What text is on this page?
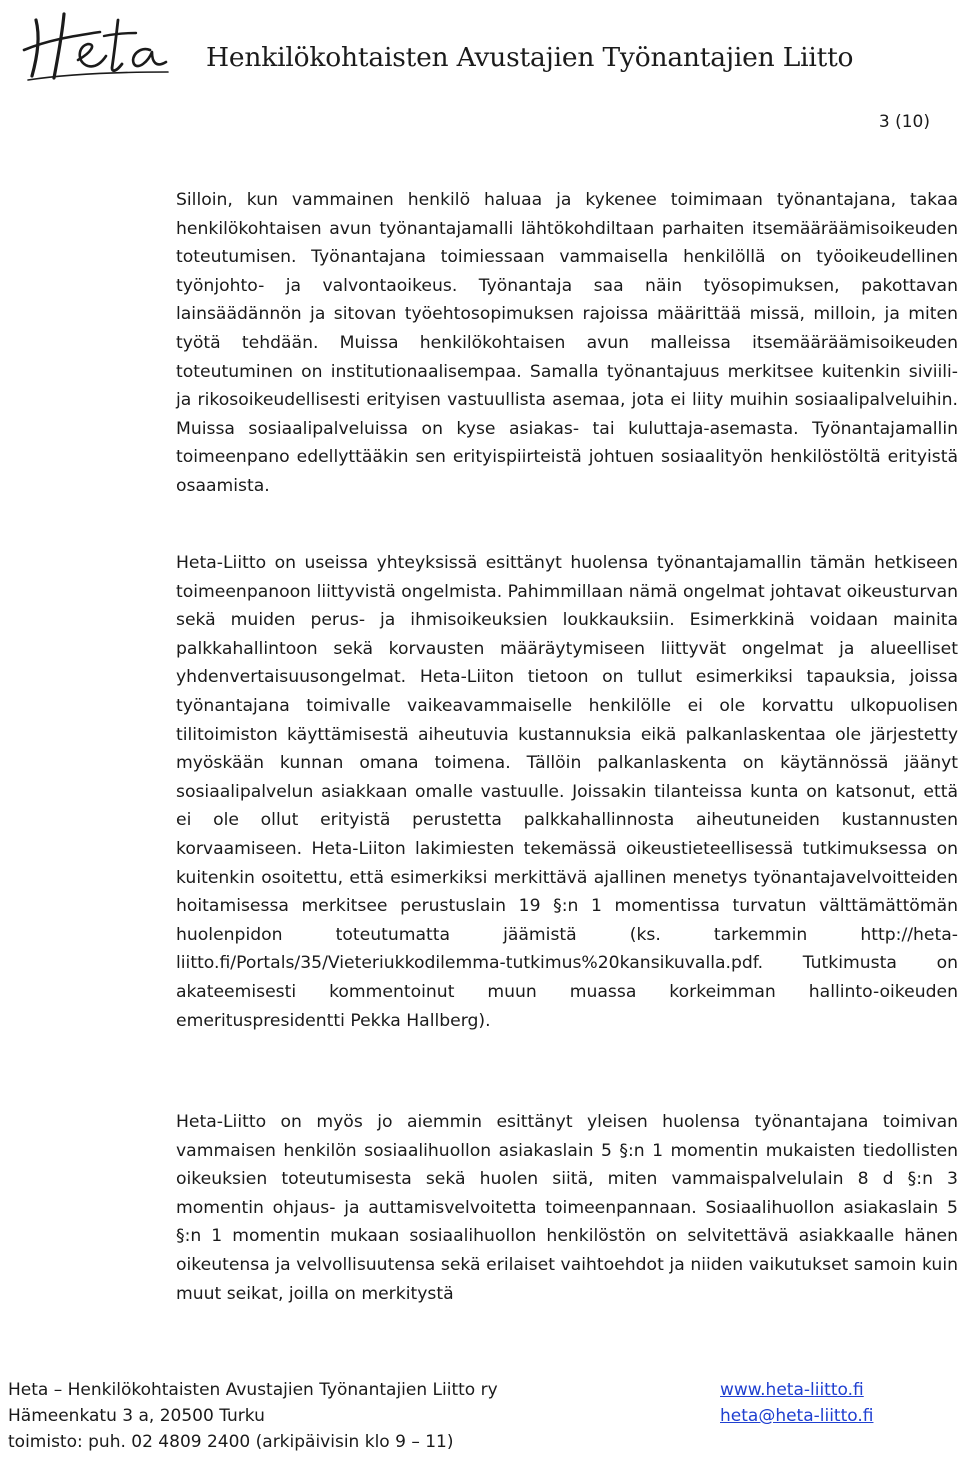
Henkilökohtaisten Avustajien Työnantajien Liitto
3 (10)

Silloin, kun vammainen henkilö haluaa ja kykenee toimimaan työnantajana, takaa henkilökohtaisen avun työnantajamalli lähtökohdiltaan parhaiten itsemääräämisoikeuden toteutumisen. Työnantajana toimiessaan vammaisella henkilöllä on työoikeudellinen työnjohto- ja valvontaoikeus. Työnantaja saa näin työsopimuksen, pakottavan lainsäädännön ja sitovan työehtosopimuksen rajoissa määrittää missä, milloin, ja miten työtä tehdään. Muissa henkilökohtaisen avun malleissa itsemääräämisoikeuden toteutuminen on institutionaalisempaa. Samalla työnantajuus merkitsee kuitenkin siviili- ja rikosoikeudellisesti erityisen vastuullista asemaa, jota ei liity muihin sosiaalipalveluihin. Muissa sosiaalipalveluissa on kyse asiakas- tai kuluttaja-asemasta. Työnantajamallin toimeenpano edellyttääkin sen erityispiirteistä johtuen sosiaalityön henkilöstöltä erityistä osaamista.

Heta-Liitto on useissa yhteyksissä esittänyt huolensa työnantajamallin tämän hetkiseen toimeenpanoon liittyvistä ongelmista. Pahimmillaan nämä ongelmat johtavat oikeusturvan sekä muiden perus- ja ihmisoikeuksien loukkauksiin. Esimerkkinä voidaan mainita palkkahallintoon sekä korvausten määräytymiseen liittyvät ongelmat ja alueelliset yhdenvertaisuusongelmat. Heta-Liiton tietoon on tullut esimerkiksi tapauksia, joissa työnantajana toimivalle vaikeavammaiselle henkilölle ei ole korvattu ulkopuolisen tilitoimiston käyttämisestä aiheutuvia kustannuksia eikä palkanlaskentaa ole järjestetty myöskään kunnan omana toimena. Tällöin palkanlaskenta on käytännössä jäänyt sosiaalipalvelun asiakkaan omalle vastuulle. Joissakin tilanteissa kunta on katsonut, että ei ole ollut erityistä perustetta palkkahallinnosta aiheutuneiden kustannusten korvaamiseen. Heta-Liiton lakimiesten tekemässä oikeustieteellisessä tutkimuksessa on kuitenkin osoitettu, että esimerkiksi merkittävä ajallinen menetys työnantajavelvoitteiden hoitamisessa merkitsee perustuslain 19 §:n 1 momentissa turvatun välttämättömän huolenpidon toteutumatta jäämistä (ks. tarkemmin http://heta-liitto.fi/Portals/35/Vieteriukkodilemma-tutkimus%20kansikuvalla.pdf. Tutkimusta on akateemisesti kommentoinut muun muassa korkeimman hallinto-oikeuden emerituspresidentti Pekka Hallberg).

Heta-Liitto on myös jo aiemmin esittänyt yleisen huolensa työnantajana toimivan vammaisen henkilön sosiaalihuollon asiakaslain 5 §:n 1 momentin mukaisten tiedollisten oikeuksien toteutumisesta sekä huolen siitä, miten vammaispalvelulain 8 d §:n 3 momentin ohjaus- ja auttamisvelvoitetta toimeenpannaan. Sosiaalihuollon asiakaslain 5 §:n 1 momentin mukaan sosiaalihuollon henkilöstön on selvitettävä asiakkaalle hänen oikeutensa ja velvollisuutensa sekä erilaiset vaihtoehdot ja niiden vaikutukset samoin kuin muut seikat, joilla on merkitystä

Heta – Henkilökohtaisten Avustajien Työnantajien Liitto ry
Hämeenkatu 3 a, 20500 Turku
toimisto: puh. 02 4809 2400 (arkipäivisin klo 9 – 11)
www.heta-liitto.fi
heta@heta-liitto.fi
